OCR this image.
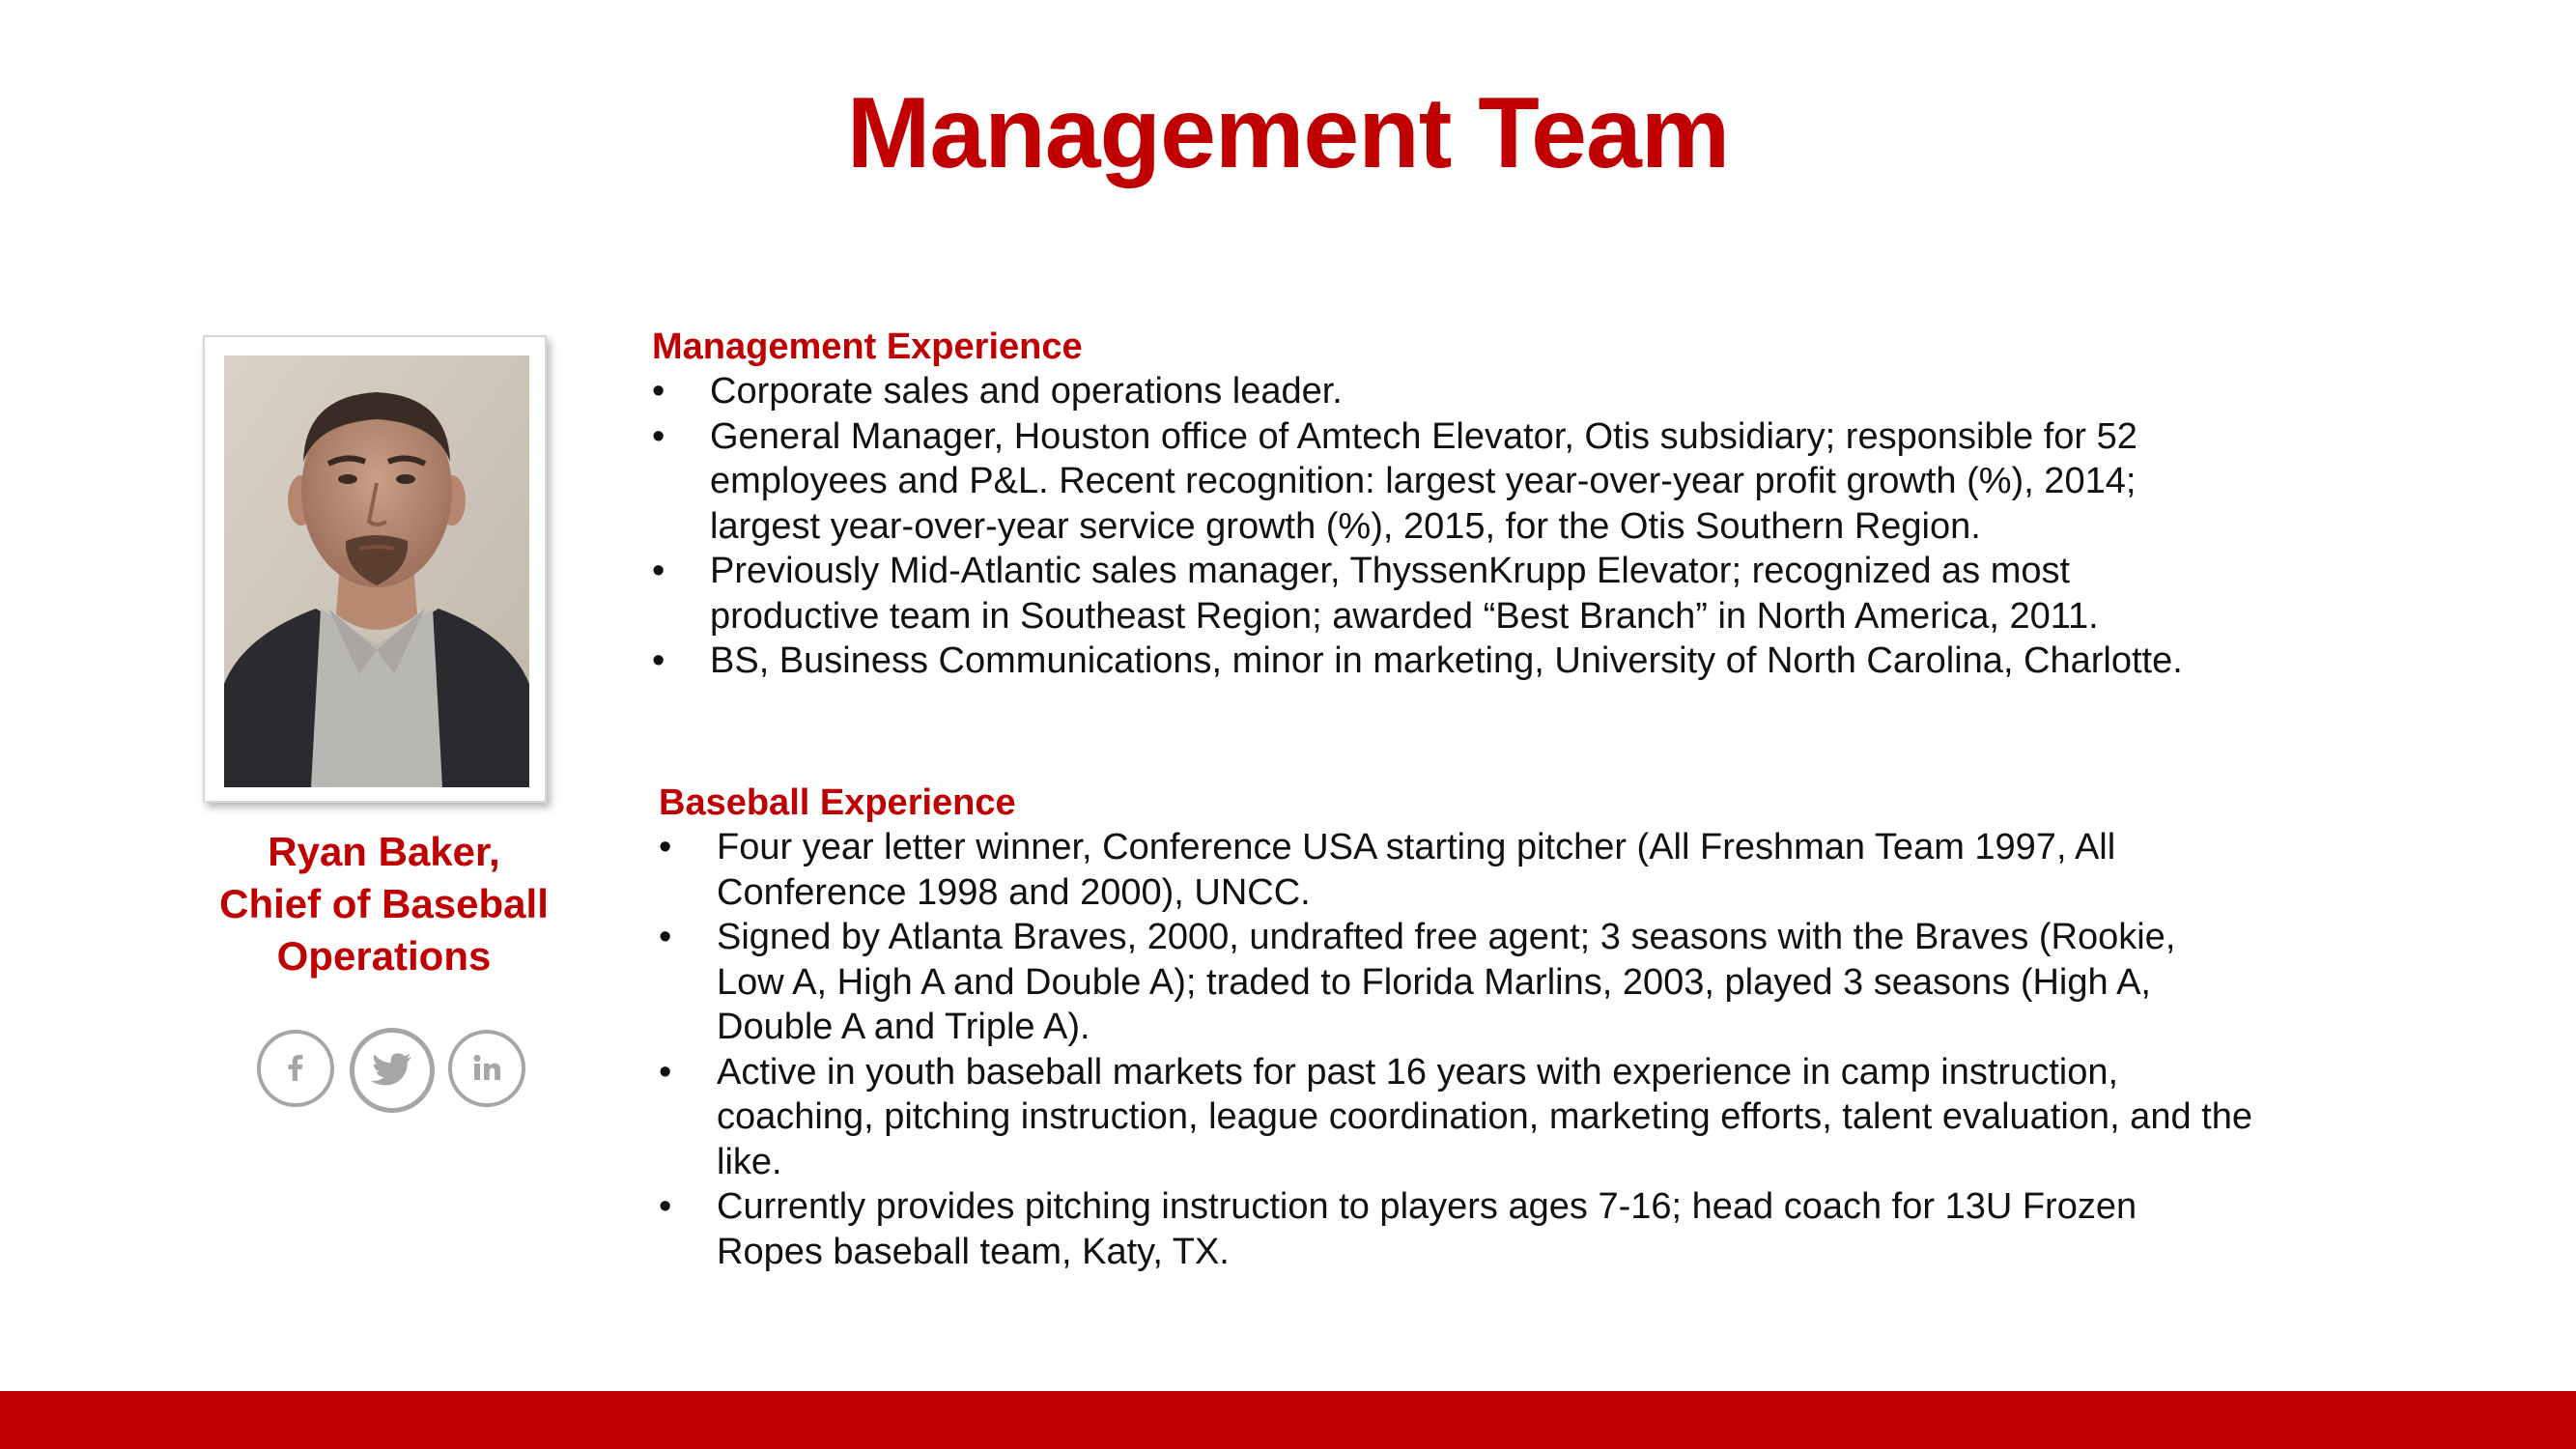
Management Team
Ryan Baker,
Chief of Baseball
Operations
Management Experience
• Corporate sales and operations leader.
• General Manager, Houston office of Amtech Elevator, Otis subsidiary; responsible for 52 employees and P&L. Recent recognition: largest year-over-year profit growth (%), 2014; largest year-over-year service growth (%), 2015, for the Otis Southern Region.
• Previously Mid-Atlantic sales manager, ThyssenKrupp Elevator; recognized as most productive team in Southeast Region; awarded “Best Branch” in North America, 2011.
• BS, Business Communications, minor in marketing, University of North Carolina, Charlotte.
Baseball Experience
• Four year letter winner, Conference USA starting pitcher (All Freshman Team 1997, All Conference 1998 and 2000), UNCC.
• Signed by Atlanta Braves, 2000, undrafted free agent; 3 seasons with the Braves (Rookie, Low A, High A and Double A); traded to Florida Marlins, 2003, played 3 seasons (High A, Double A and Triple A).
• Active in youth baseball markets for past 16 years with experience in camp instruction, coaching, pitching instruction, league coordination, marketing efforts, talent evaluation, and the like.
• Currently provides pitching instruction to players ages 7-16; head coach for 13U Frozen Ropes baseball team, Katy, TX.
